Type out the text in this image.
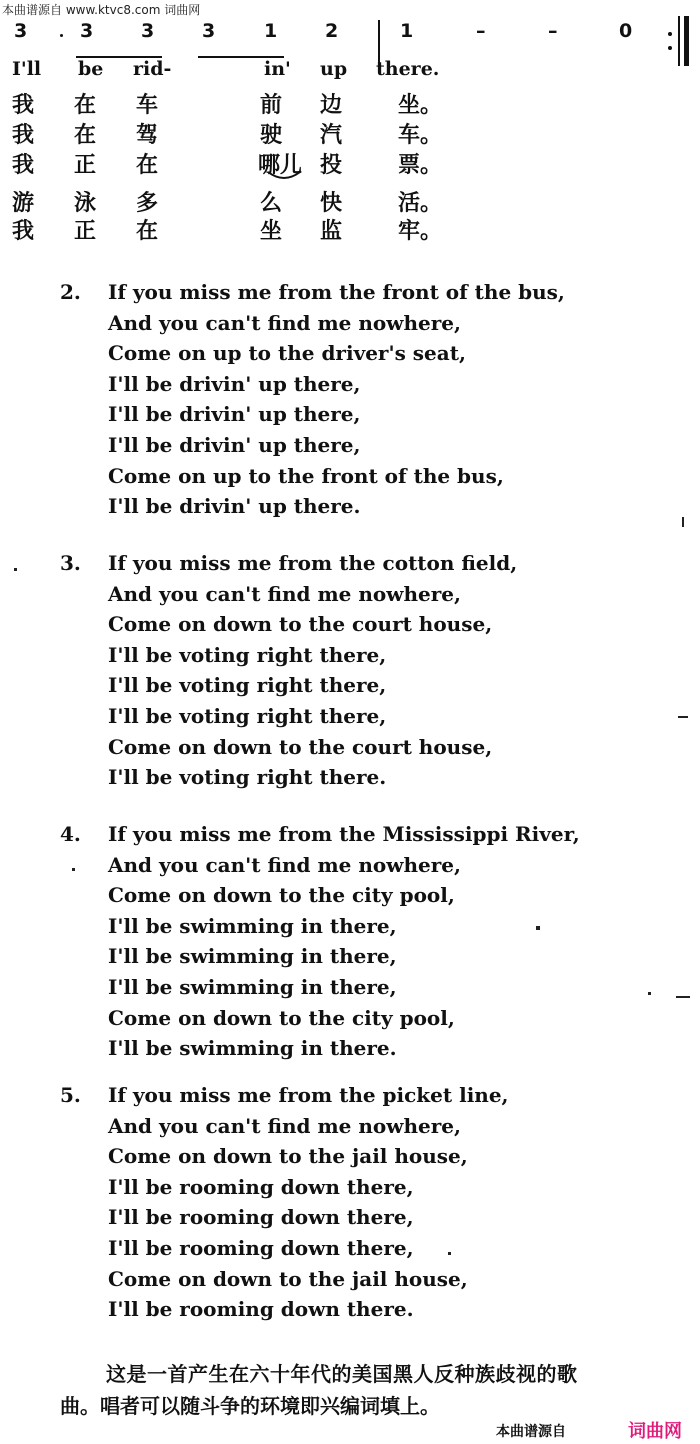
本曲谱源自 www.ktvc8.com 词曲网
3	3	3	3	1	2	1	–	–	0
I'll be rid-	in' up there.
我 在 车	前 边	坐。
我 在 驾	驶 汽	车。
我 正 在	哪儿 投	票。
游 泳 多	么 快	活。
我 正 在	坐 监	牢。
2.	If you miss me from the front of the bus,
And you can't find me nowhere,
Come on up to the driver's seat,
I'll be drivin' up there,
I'll be drivin' up there,
I'll be drivin' up there,
Come on up to the front of the bus,
I'll be drivin' up there.
3.	If you miss me from the cotton field,
And you can't find me nowhere,
Come on down to the court house,
I'll be voting right there,
I'll be voting right there,
I'll be voting right there,
Come on down to the court house,
I'll be voting right there.
4.	If you miss me from the Mississippi River,
And you can't find me nowhere,
Come on down to the city pool,
I'll be swimming in there,
I'll be swimming in there,
I'll be swimming in there,
Come on down to the city pool,
I'll be swimming in there.
5.	If you miss me from the picket line,
And you can't find me nowhere,
Come on down to the jail house,
I'll be rooming down there,
I'll be rooming down there,
I'll be rooming down there,
Come on down to the jail house,
I'll be rooming down there.
这是一首产生在六十年代的美国黑人反种族歧视的歌
曲。唱者可以随斗争的环境即兴编词填上。
本曲谱源自	词曲网
